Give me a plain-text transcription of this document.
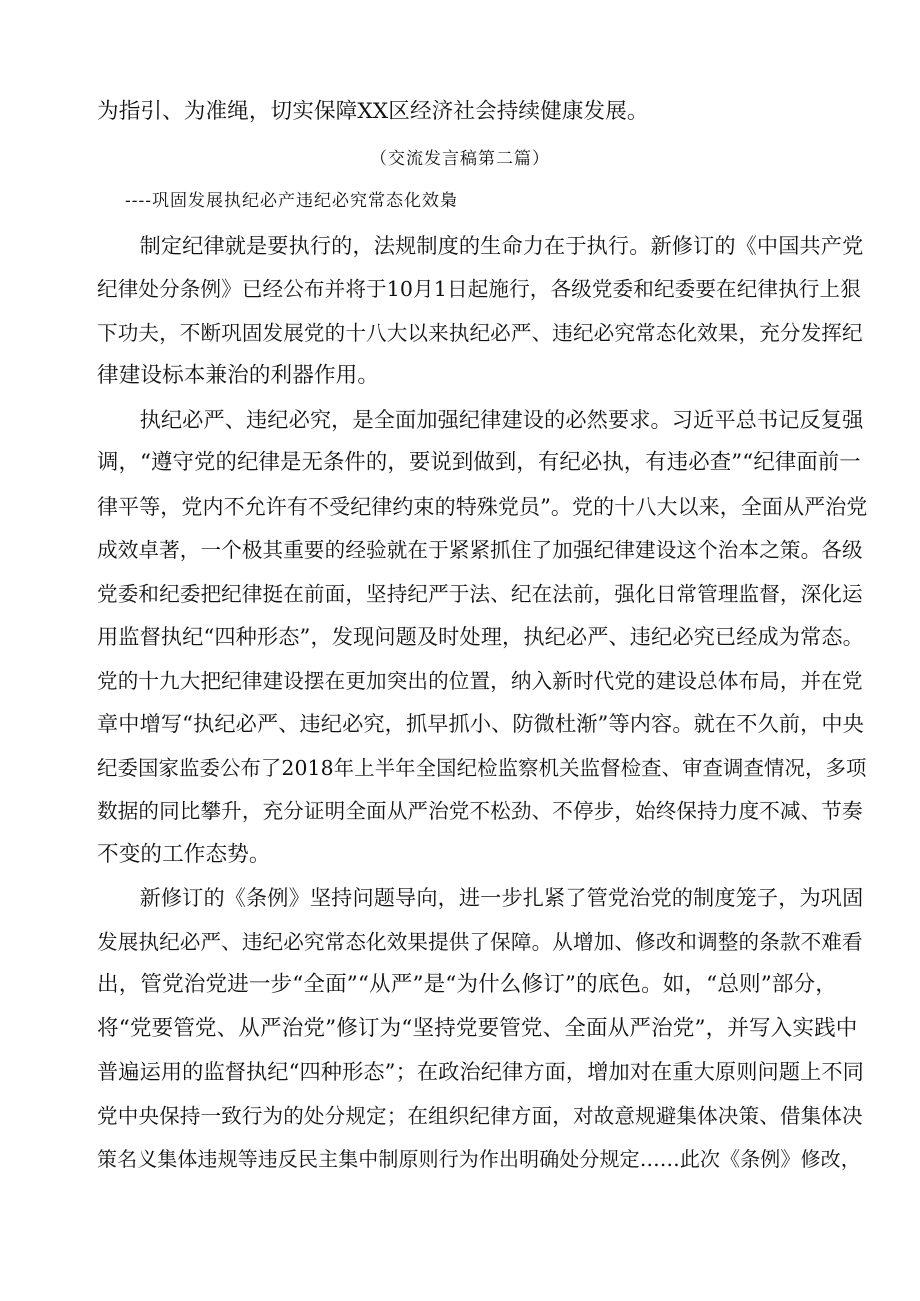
为指引、为准绳，切实保障XX区经济社会持续健康发展。
（交流发言稿第二篇）
----巩固发展执纪必产违纪必究常态化效梟
　　制定纪律就是要执行的，法规制度的生命力在于执行。新修订的《中国共产党
纪律处分条例》已经公布并将于10月1日起施行，各级党委和纪委要在纪律执行上狠
下功夫，不断巩固发展党的十八大以来执纪必严、违纪必究常态化效果，充分发挥纪
律建设标本兼治的利器作用。
　　执纪必严、违纪必究，是全面加强纪律建设的必然要求。习近平总书记反复强
调，“遵守党的纪律是无条件的，要说到做到，有纪必执，有违必查”“纪律面前一
律平等，党内不允许有不受纪律约束的特殊党员”。党的十八大以来，全面从严治党
成效卓著，一个极其重要的经验就在于紧紧抓住了加强纪律建设这个治本之策。各级
党委和纪委把纪律挺在前面，坚持纪严于法、纪在法前，强化日常管理监督，深化运
用监督执纪“四种形态”，发现问题及时处理，执纪必严、违纪必究已经成为常态。
党的十九大把纪律建设摆在更加突出的位置，纳入新时代党的建设总体布局，并在党
章中增写“执纪必严、违纪必究，抓早抓小、防微杜渐”等内容。就在不久前，中央
纪委国家监委公布了2018年上半年全国纪检监察机关监督检查、审查调查情况，多项
数据的同比攀升，充分证明全面从严治党不松劲、不停步，始终保持力度不减、节奏
不变的工作态势。
　　新修订的《条例》坚持问题导向，进一步扎紧了管党治党的制度笼子，为巩固
发展执纪必严、违纪必究常态化效果提供了保障。从增加、修改和调整的条款不难看
出，管党治党进一步“全面”“从严”是“为什么修订”的底色。如，“总则”部分，
将“党要管党、从严治党”修订为“坚持党要管党、全面从严治党”，并写入实践中
普遍运用的监督执纪“四种形态”；在政治纪律方面，增加对在重大原则问题上不同
党中央保持一致行为的处分规定；在组织纪律方面，对故意规避集体决策、借集体决
策名义集体违规等违反民主集中制原则行为作出明确处分规定……此次《条例》修改，
